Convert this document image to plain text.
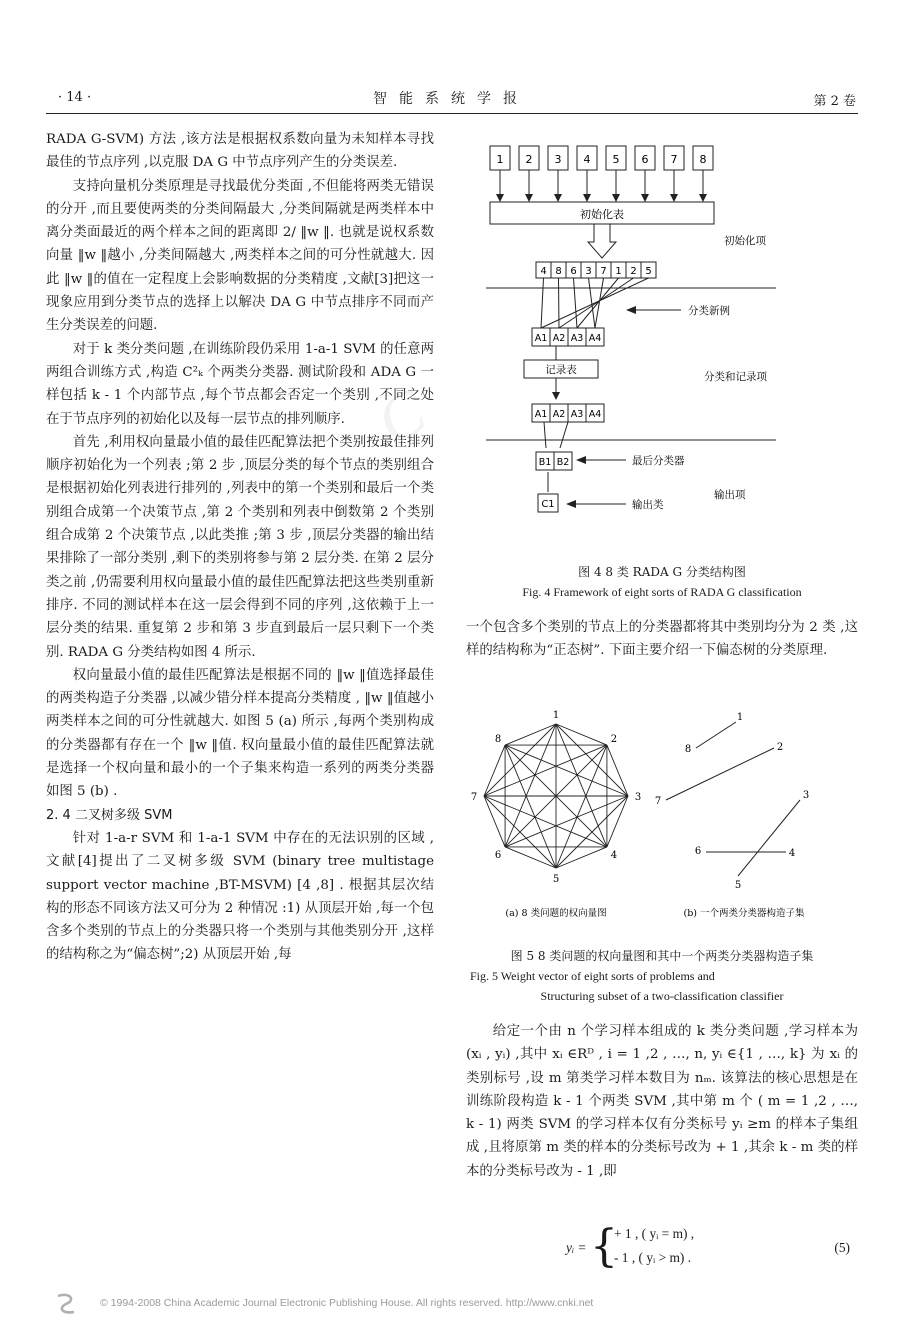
C
· 14 ·	智能系统学报	第 2 卷

RADA G-SVM) 方法 ,该方法是根据权系数向量为未知样本寻找最佳的节点序列 ,以克服 DA G 中节点序列产生的分类误差.

支持向量机分类原理是寻找最优分类面 ,不但能将两类无错误的分开 ,而且要使两类的分类间隔最大 ,分类间隔就是两类样本中离分类面最近的两个样本之间的距离即 2/ ‖w ‖. 也就是说权系数向量 ‖w ‖越小 ,分类间隔越大 ,两类样本之间的可分性就越大. 因此 ‖w ‖的值在一定程度上会影响数据的分类精度 ,文献[3]把这一现象应用到分类节点的选择上以解决 DA G 中节点排序不同而产生分类误差的问题.

对于 k 类分类问题 ,在训练阶段仍采用 1-a-1 SVM 的任意两两组合训练方式 ,构造 C²ₖ 个两类分类器. 测试阶段和 ADA G 一样包括 k - 1 个内部节点 ,每个节点都会否定一个类别 ,不同之处在于节点序列的初始化以及每一层节点的排列顺序.

首先 ,利用权向量最小值的最佳匹配算法把个类别按最佳排列顺序初始化为一个列表 ;第 2 步 ,顶层分类的每个节点的类别组合是根据初始化列表进行排列的 ,列表中的第一个类别和最后一个类别组合成第一个决策节点 ,第 2 个类别和列表中倒数第 2 个类别组合成第 2 个决策节点 ,以此类推 ;第 3 步 ,顶层分类器的输出结果排除了一部分类别 ,剩下的类别将参与第 2 层分类. 在第 2 层分类之前 ,仍需要利用权向量最小值的最佳匹配算法把这些类别重新排序. 不同的测试样本在这一层会得到不同的序列 ,这依赖于上一层分类的结果. 重复第 2 步和第 3 步直到最后一层只剩下一个类别. RADA G 分类结构如图 4 所示.

权向量最小值的最佳匹配算法是根据不同的 ‖w ‖值选择最佳的两类构造子分类器 ,以减少错分样本提高分类精度 , ‖w ‖值越小两类样本之间的可分性就越大. 如图 5 (a) 所示 ,每两个类别构成的分类器都有存在一个 ‖w ‖值. 权向量最小值的最佳匹配算法就是选择一个权向量和最小的一个子集来构造一系列的两类分类器如图 5 (b) .

2. 4 二叉树多级 SVM

针对 1-a-r SVM 和 1-a-1 SVM 中存在的无法识别的区域 ,文献[4]提出了二叉树多级 SVM (binary tree multistage support vector machine ,BT-MSVM) [4 ,8] . 根据其层次结构的形态不同该方法又可分为 2 种情况 :1) 从顶层开始 ,每一个包含多个类别的节点上的分类器只将一个类别与其他类别分开 ,这样的结构称之为“偏态树”;2) 从顶层开始 ,每

1 2 3 4 5 6 7 8
初始化表
初始化项
4 8 6 3 7 1 2 5
分类新例
A1 A2 A3 A4
记录表
分类和记录项
A1 A2 A3 A4
B1 B2	最后分类器
C1	输出类
输出项
图 4 8 类 RADA G 分类结构图
Fig. 4 Framework of eight sorts of RADA G classification

一个包含多个类别的节点上的分类器都将其中类别均分为 2 类 ,这样的结构称为“正态树”. 下面主要介绍一下偏态树的分类原理.

1
2
3
4
5
6
7
8
1
2
3
4
5
6
7
8
(a) 8 类问题的权向量图	(b) 一个两类分类器构造子集
图 5 8 类问题的权向量图和其中一个两类分类器构造子集
Fig. 5 Weight vector of eight sorts of problems and
Structuring subset of a two-classification classifier

给定一个由 n 个学习样本组成的 k 类分类问题 ,学习样本为 (xᵢ , yᵢ) ,其中 xᵢ ∈Rᴰ , i = 1 ,2 , …, n, yᵢ ∈{1 , …, k} 为 xᵢ 的类别标号 ,设 m 第类学习样本数目为 nₘ. 该算法的核心思想是在训练阶段构造 k - 1 个两类 SVM ,其中第 m 个 ( m = 1 ,2 , …, k - 1) 两类 SVM 的学习样本仅有分类标号 yᵢ ≥m 的样本子集组成 ,且将原第 m 类的样本的分类标号改为 + 1 ,其余 k - m 类的样本的分类标号改为 - 1 ,即

yᵢ = {
+ 1 , ( yᵢ = m) ,
- 1 , ( yᵢ > m) .
(5)
© 1994-2008 China Academic Journal Electronic Publishing House. All rights reserved. http://www.cnki.net
